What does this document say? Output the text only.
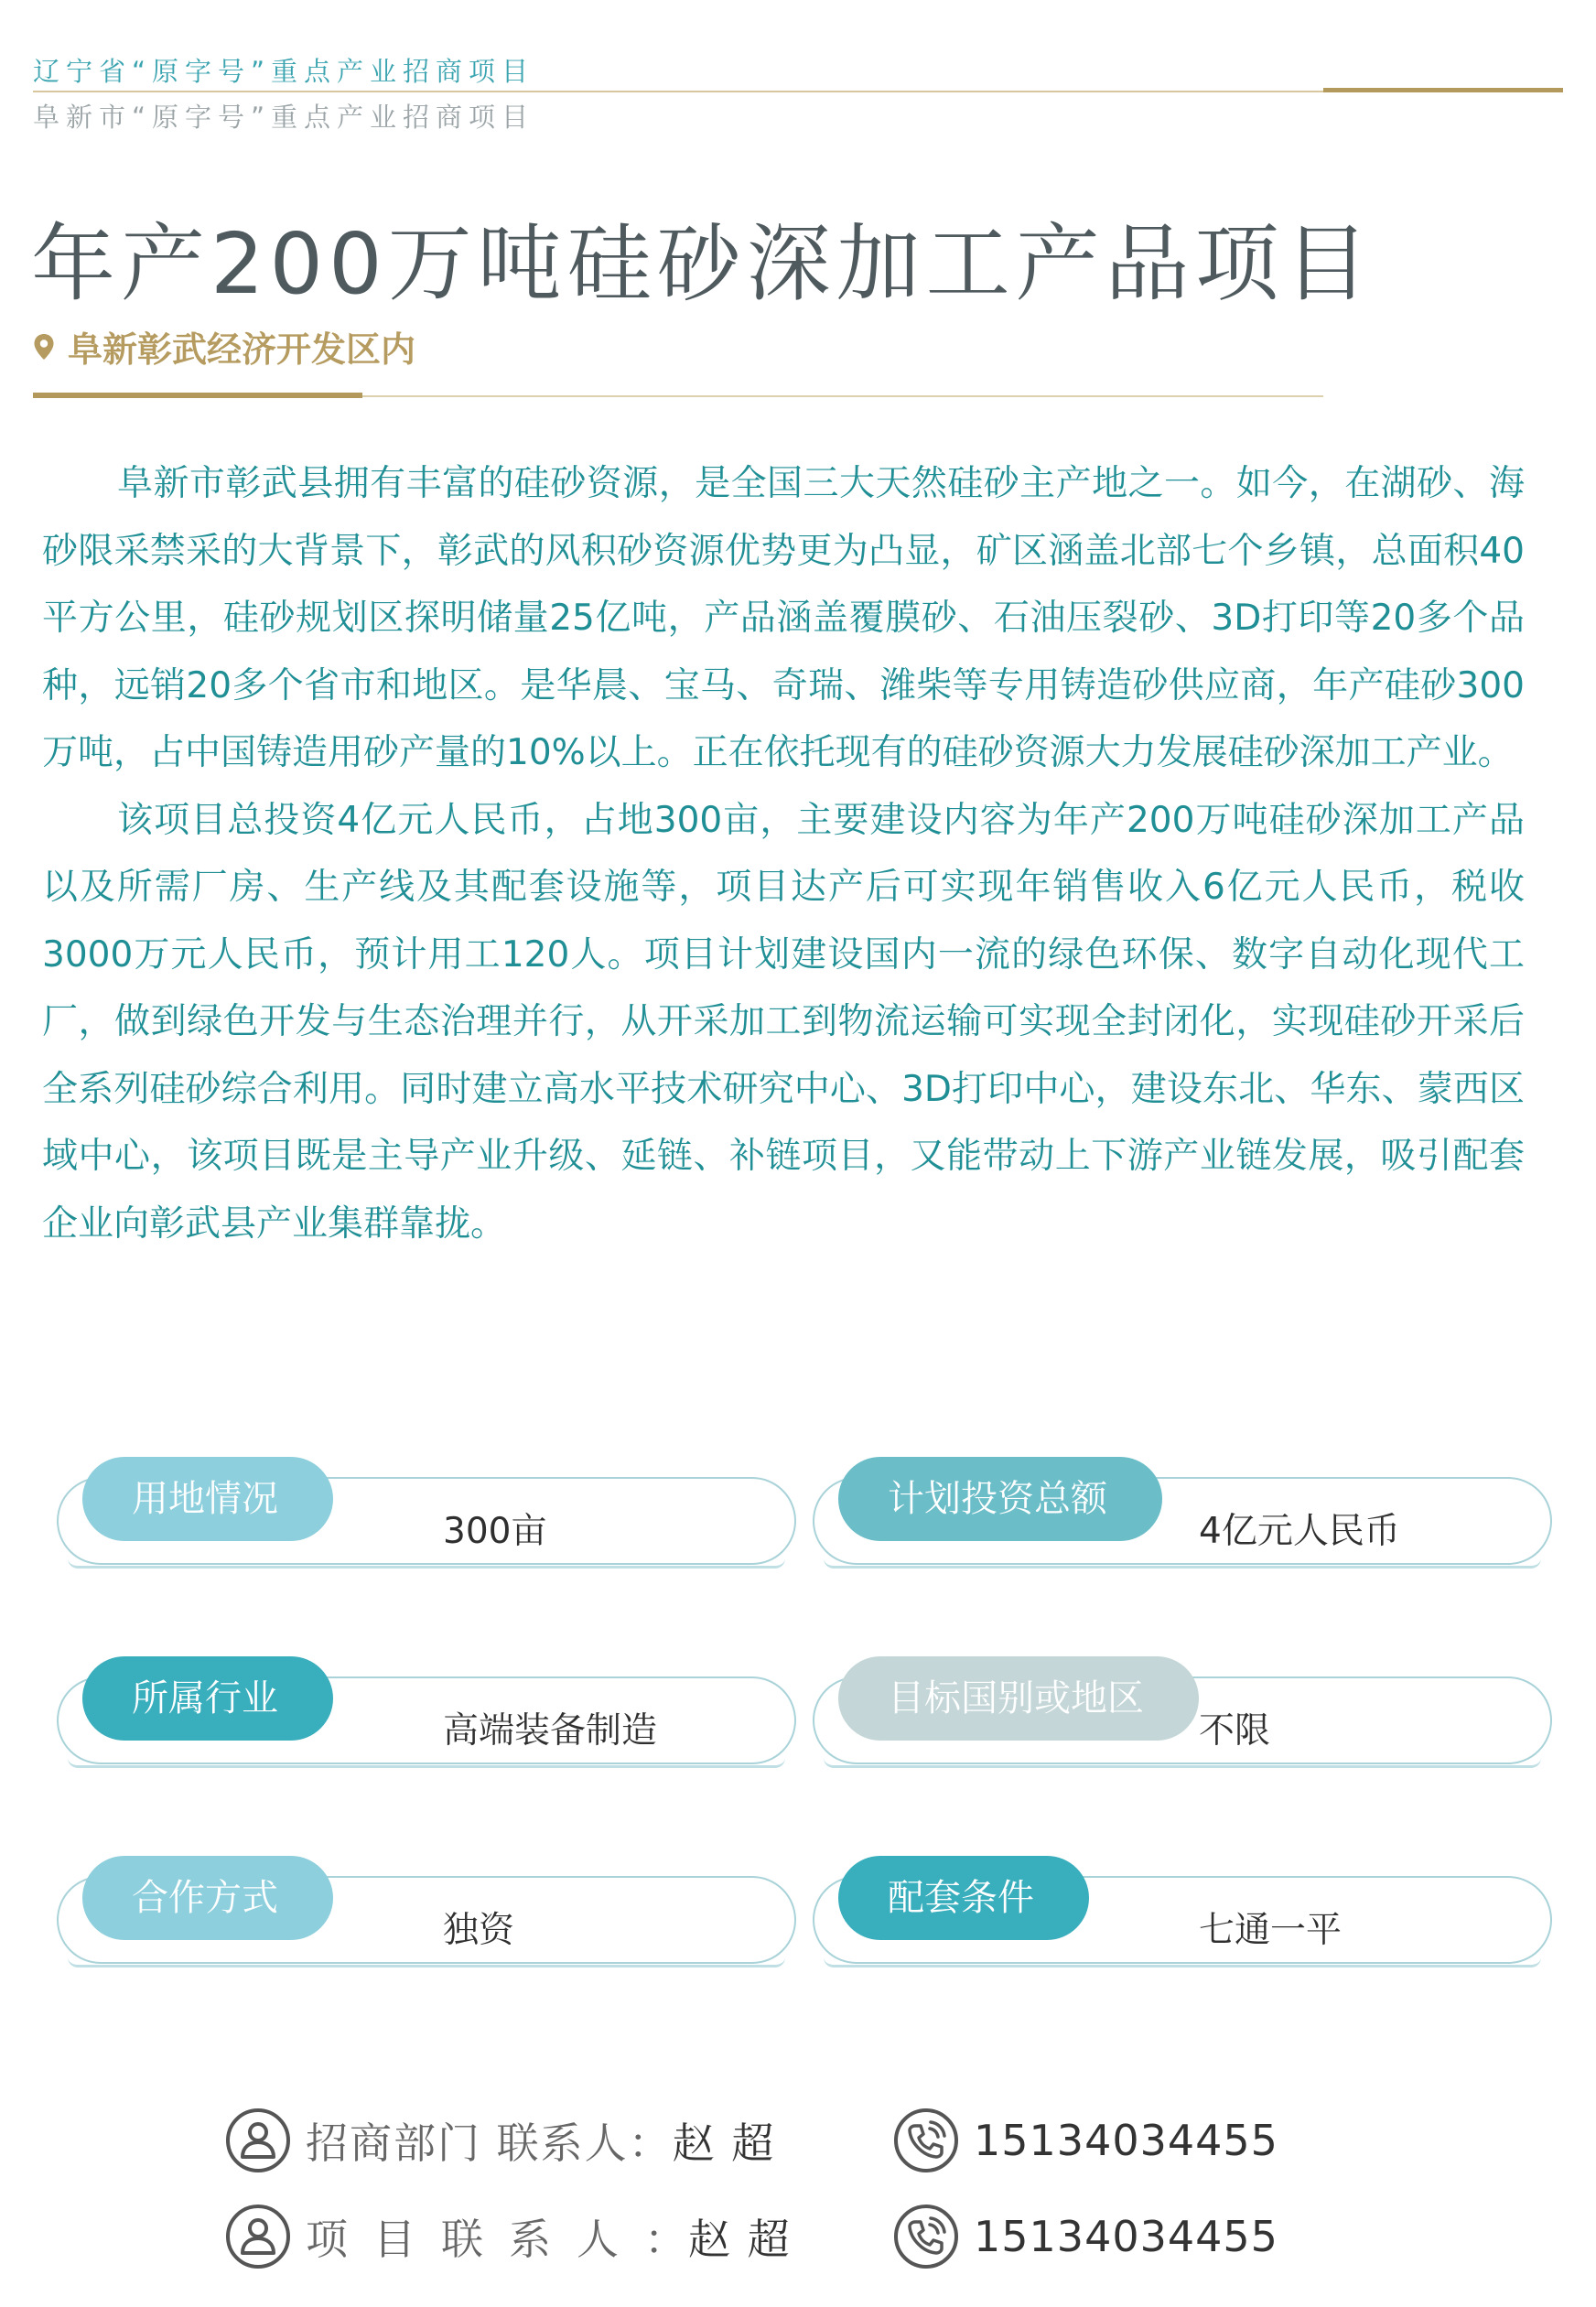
辽宁省“原字号”重点产业招商项目
阜新市“原字号”重点产业招商项目
年产200万吨硅砂深加工产品项目
阜新彰武经济开发区内

阜新市彰武县拥有丰富的硅砂资源，是全国三大天然硅砂主产地之一。如今，在湖砂、海砂限采禁采的大背景下，彰武的风积砂资源优势更为凸显，矿区涵盖北部七个乡镇，总面积40平方公里，硅砂规划区探明储量25亿吨，产品涵盖覆膜砂、石油压裂砂、3D打印等20多个品种，远销20多个省市和地区。是华晨、宝马、奇瑞、潍柴等专用铸造砂供应商，年产硅砂300万吨，占中国铸造用砂产量的10%以上。正在依托现有的硅砂资源大力发展硅砂深加工产业。

该项目总投资4亿元人民币，占地300亩，主要建设内容为年产200万吨硅砂深加工产品以及所需厂房、生产线及其配套设施等，项目达产后可实现年销售收入6亿元人民币，税收3000万元人民币，预计用工120人。项目计划建设国内一流的绿色环保、数字自动化现代工厂，做到绿色开发与生态治理并行，从开采加工到物流运输可实现全封闭化，实现硅砂开采后全系列硅砂综合利用。同时建立高水平技术研究中心、3D打印中心，建设东北、华东、蒙西区域中心，该项目既是主导产业升级、延链、补链项目，又能带动上下游产业链发展，吸引配套企业向彰武县产业集群靠拢。

用地情况
300亩
计划投资总额
4亿元人民币
所属行业
高端装备制造
目标国别或地区
不限
合作方式
独资
配套条件
七通一平
招商部门 联系人： 赵 超	15134034455
项目联系人 ： 赵 超	15134034455
